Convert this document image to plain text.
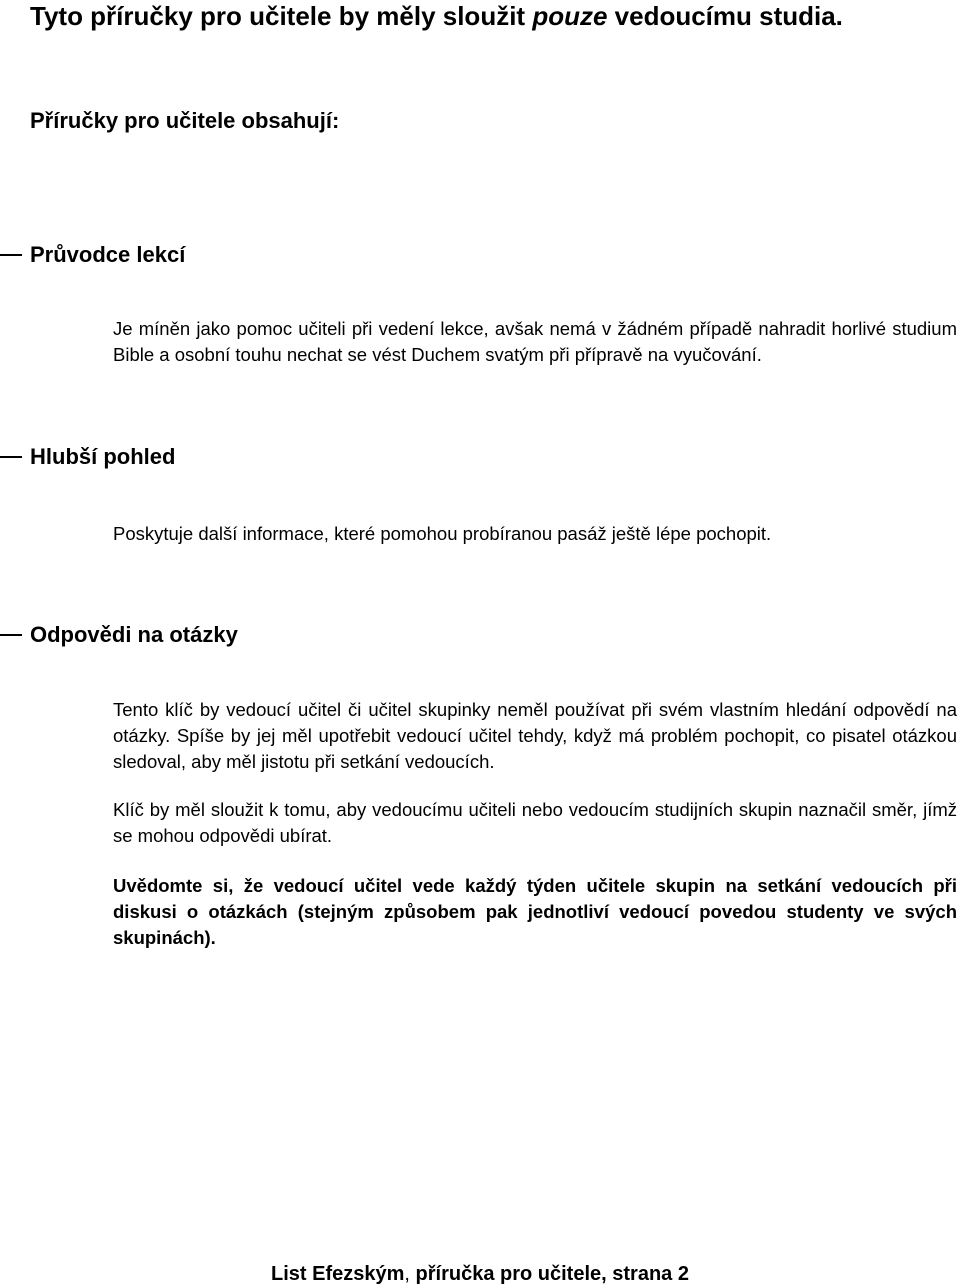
Tyto příručky pro učitele by měly sloužit pouze vedoucímu studia.
Příručky pro učitele obsahují:
Průvodce lekcí
Je míněn jako pomoc učiteli při vedení lekce, avšak nemá v žádném případě nahradit horlivé studium Bible a osobní touhu nechat se vést Duchem svatým při přípravě na vyučování.
Hlubší pohled
Poskytuje další informace, které pomohou probíranou pasáž ještě lépe pochopit.
Odpovědi na otázky
Tento klíč by vedoucí učitel či učitel skupinky neměl používat při svém vlastním hledání odpovědí na otázky. Spíše by jej měl upotřebit vedoucí učitel tehdy, když má problém pochopit, co pisatel otázkou sledoval, aby měl jistotu při setkání vedoucích.
Klíč by měl sloužit k tomu, aby vedoucímu učiteli nebo vedoucím studijních skupin naznačil směr, jímž se mohou odpovědi ubírat.
Uvědomte si, že vedoucí učitel vede každý týden učitele skupin na setkání vedoucích při diskusi o otázkách (stejným způsobem pak jednotliví vedoucí povedou studenty ve svých skupinách).
List Efezským, příručka pro učitele, strana 2
